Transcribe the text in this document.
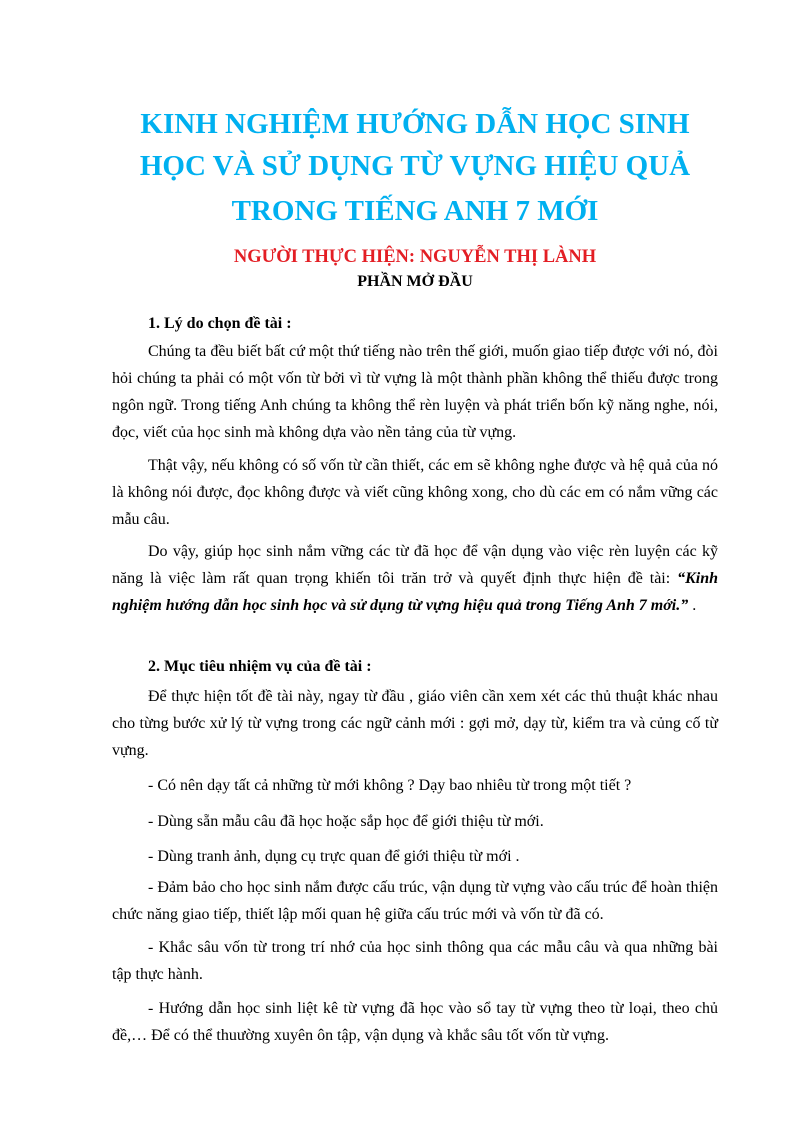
KINH NGHIỆM HƯỚNG DẪN HỌC SINH
HỌC VÀ SỬ DỤNG TỪ VỰNG HIỆU QUẢ
TRONG TIẾNG ANH 7 MỚI
NGƯỜI THỰC HIỆN: NGUYỄN THỊ LÀNH
PHẦN MỞ ĐẦU
1. Lý do chọn đề tài :
Chúng ta đều biết bất cứ một thứ tiếng nào trên thế giới, muốn giao tiếp được với nó, đòi hỏi chúng ta phải có một vốn từ bởi vì từ vựng là một thành phần không thể thiếu được trong ngôn ngữ. Trong tiếng Anh chúng ta không thể rèn luyện và phát triển bốn kỹ năng nghe, nói, đọc, viết của học sinh mà không dựa vào nền tảng của từ vựng.
Thật vậy, nếu không có số vốn từ cần thiết, các em sẽ không nghe được và hệ quả của nó là không nói được, đọc không được và viết cũng không xong, cho dù các em có nắm vững các mẫu câu.
Do vậy, giúp học sinh nắm vững các từ đã học để vận dụng vào việc rèn luyện các kỹ năng là việc làm rất quan trọng khiến tôi trăn trở và quyết định thực hiện đề tài: “Kinh nghiệm hướng dẫn học sinh học và sử dụng từ vựng hiệu quả trong Tiếng Anh 7 mới.” .
2. Mục tiêu nhiệm vụ của đề tài :
Để thực hiện tốt đề tài này, ngay từ đầu , giáo viên cần xem xét các thủ thuật khác nhau cho từng bước xử lý từ vựng trong các ngữ cảnh mới : gợi mở, dạy từ, kiểm tra và củng cố từ vựng.
- Có nên dạy tất cả những từ mới không ? Dạy bao nhiêu từ trong một tiết ?
- Dùng sẵn mẫu câu đã học hoặc sắp học để giới thiệu từ mới.
- Dùng tranh ảnh, dụng cụ trực quan để giới thiệu từ mới .
- Đảm bảo cho học sinh nắm được cấu trúc, vận dụng từ vựng vào cấu trúc để hoàn thiện chức năng giao tiếp, thiết lập mối quan hệ giữa cấu trúc mới và vốn từ đã có.
- Khắc sâu vốn từ trong trí nhớ của học sinh thông qua các mẫu câu và qua những bài tập thực hành.
- Hướng dẫn học sinh liệt kê từ vựng đã học vào sổ tay từ vựng theo từ loại, theo chủ đề,… Để có thể thuường xuyên ôn tập, vận dụng và khắc sâu tốt vốn từ vựng.
